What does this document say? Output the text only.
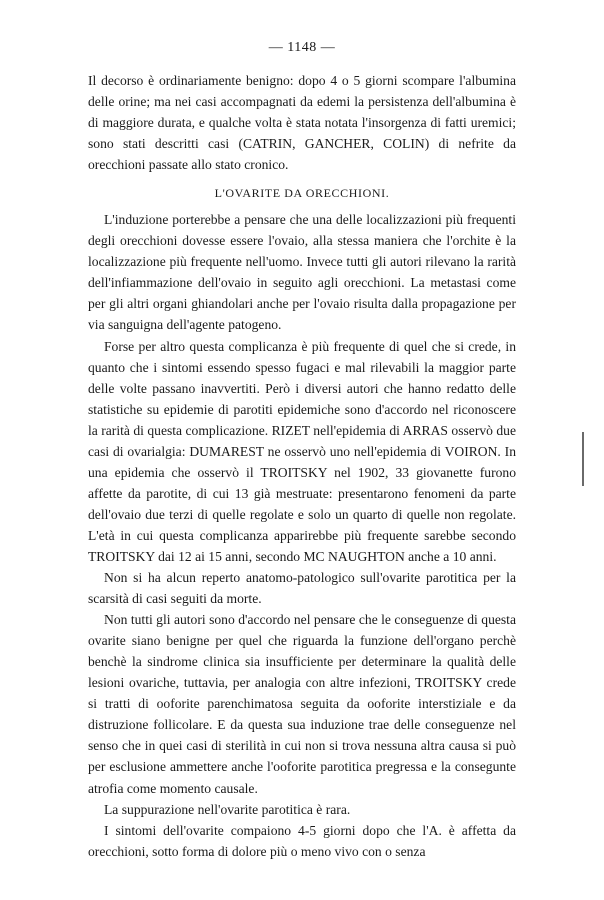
— 1148 —

Il decorso è ordinariamente benigno: dopo 4 o 5 giorni scompare l'albumina delle orine; ma nei casi accompagnati da edemi la persistenza dell'albumina è di maggiore durata, e qualche volta è stata notata l'insorgenza di fatti uremici; sono stati descritti casi (CATRIN, GANCHER, COLIN) di nefrite da orecchioni passate allo stato cronico.

L'OVARITE DA ORECCHIONI.

L'induzione porterebbe a pensare che una delle localizzazioni più frequenti degli orecchioni dovesse essere l'ovaio, alla stessa maniera che l'orchite è la localizzazione più frequente nell'uomo. Invece tutti gli autori rilevano la rarità dell'infiammazione dell'ovaio in seguito agli orecchioni. La metastasi come per gli altri organi ghiandolari anche per l'ovaio risulta dalla propagazione per via sanguigna dell'agente patogeno.

Forse per altro questa complicanza è più frequente di quel che si crede, in quanto che i sintomi essendo spesso fugaci e mal rilevabili la maggior parte delle volte passano inavvertiti. Però i diversi autori che hanno redatto delle statistiche su epidemie di parotiti epidemiche sono d'accordo nel riconoscere la rarità di questa complicazione. RIZET nell'epidemia di ARRAS osservò due casi di ovarialgia: DUMAREST ne osservò uno nell'epidemia di VOIRON. In una epidemia che osservò il TROITSKY nel 1902, 33 giovanette furono affette da parotite, di cui 13 già mestruate: presentarono fenomeni da parte dell'ovaio due terzi di quelle regolate e solo un quarto di quelle non regolate. L'età in cui questa complicanza apparirebbe più frequente sarebbe secondo TROITSKY dai 12 ai 15 anni, secondo MC NAUGHTON anche a 10 anni.

Non si ha alcun reperto anatomo-patologico sull'ovarite parotitica per la scarsità di casi seguiti da morte.

Non tutti gli autori sono d'accordo nel pensare che le conseguenze di questa ovarite siano benigne per quel che riguarda la funzione dell'organo perchè benchè la sindrome clinica sia insufficiente per determinare la qualità delle lesioni ovariche, tuttavia, per analogia con altre infezioni, TROITSKY crede si tratti di ooforite parenchimatosa seguita da ooforite interstiziale e da distruzione follicolare. E da questa sua induzione trae delle conseguenze nel senso che in quei casi di sterilità in cui non si trova nessuna altra causa si può per esclusione ammettere anche l'ooforite parotitica pregressa e la consegunte atrofia come momento causale.

La suppurazione nell'ovarite parotitica è rara.

I sintomi dell'ovarite compaiono 4-5 giorni dopo che l'A. è affetta da orecchioni, sotto forma di dolore più o meno vivo con o senza
